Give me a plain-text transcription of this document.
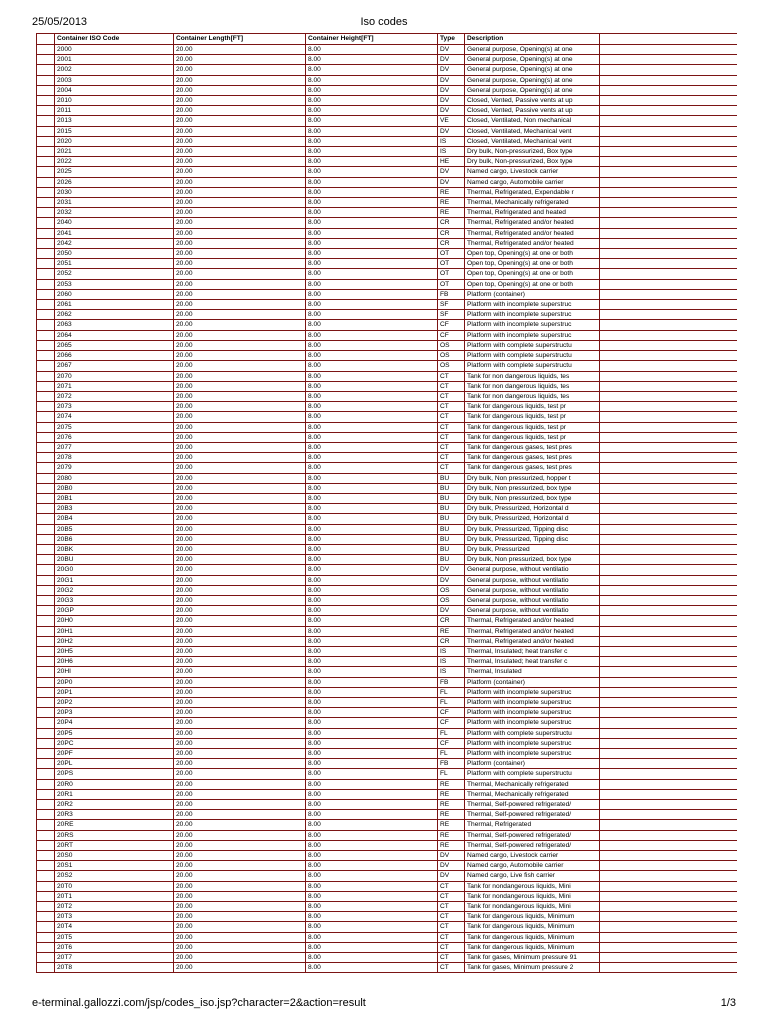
25/05/2013	Iso codes
	Container ISO Code	Container Length[FT]	Container Height[FT]	Type	Description	
	2000	20.00	8.00	DV	General purpose, Opening(s) at one	
	2001	20.00	8.00	DV	General purpose, Opening(s) at one	
	2002	20.00	8.00	DV	General purpose, Opening(s) at one	
	2003	20.00	8.00	DV	General purpose, Opening(s) at one	
	2004	20.00	8.00	DV	General purpose, Opening(s) at one	
	2010	20.00	8.00	DV	Closed, Vented, Passive vents at up	
	2011	20.00	8.00	DV	Closed, Vented, Passive vents at up	
	2013	20.00	8.00	VE	Closed, Ventilated, Non mechanical	
	2015	20.00	8.00	DV	Closed, Ventilated, Mechanical vent	
	2020	20.00	8.00	IS	Closed, Ventilated, Mechanical vent	
	2021	20.00	8.00	IS	Dry bulk, Non-pressurized, Box type	
	2022	20.00	8.00	HE	Dry bulk, Non-pressurized, Box type	
	2025	20.00	8.00	DV	Named cargo, Livestock carrier	
	2026	20.00	8.00	DV	Named cargo, Automobile carrier	
	2030	20.00	8.00	RE	Thermal, Refrigerated, Expendable r	
	2031	20.00	8.00	RE	Thermal, Mechanically refrigerated	
	2032	20.00	8.00	RE	Thermal, Refrigerated and heated	
	2040	20.00	8.00	CR	Thermal, Refrigerated and/or heated	
	2041	20.00	8.00	CR	Thermal, Refrigerated and/or heated	
	2042	20.00	8.00	CR	Thermal, Refrigerated and/or heated	
	2050	20.00	8.00	OT	Open top, Opening(s) at one or both	
	2051	20.00	8.00	OT	Open top, Opening(s) at one or both	
	2052	20.00	8.00	OT	Open top, Opening(s) at one or both	
	2053	20.00	8.00	OT	Open top, Opening(s) at one or both	
	2060	20.00	8.00	FB	Platform (container)	
	2061	20.00	8.00	SF	Platform with incomplete superstruc	
	2062	20.00	8.00	SF	Platform with incomplete superstruc	
	2063	20.00	8.00	CF	Platform with incomplete superstruc	
	2064	20.00	8.00	CF	Platform with incomplete superstruc	
	2065	20.00	8.00	OS	Platform with complete superstructu	
	2066	20.00	8.00	OS	Platform with complete superstructu	
	2067	20.00	8.00	OS	Platform with complete superstructu	
	2070	20.00	8.00	CT	Tank for non dangerous liquids, tes	
	2071	20.00	8.00	CT	Tank for non dangerous liquids, tes	
	2072	20.00	8.00	CT	Tank for non dangerous liquids, tes	
	2073	20.00	8.00	CT	Tank for dangerous liquids, test pr	
	2074	20.00	8.00	CT	Tank for dangerous liquids, test pr	
	2075	20.00	8.00	CT	Tank for dangerous liquids, test pr	
	2076	20.00	8.00	CT	Tank for dangerous liquids, test pr	
	2077	20.00	8.00	CT	Tank for dangerous gases, test pres	
	2078	20.00	8.00	CT	Tank for dangerous gases, test pres	
	2079	20.00	8.00	CT	Tank for dangerous gases, test pres	
	2080	20.00	8.00	BU	Dry bulk, Non pressurized, hopper t	
	20B0	20.00	8.00	BU	Dry bulk, Non pressurized, box type	
	20B1	20.00	8.00	BU	Dry bulk, Non pressurized, box type	
	20B3	20.00	8.00	BU	Dry bulk, Pressurized, Horizontal d	
	20B4	20.00	8.00	BU	Dry bulk, Pressurized, Horizontal d	
	20B5	20.00	8.00	BU	Dry bulk, Pressurized, Tipping disc	
	20B6	20.00	8.00	BU	Dry bulk, Pressurized, Tipping disc	
	20BK	20.00	8.00	BU	Dry bulk, Pressurized	
	20BU	20.00	8.00	BU	Dry bulk, Non pressurized, box type	
	20G0	20.00	8.00	DV	General purpose, without ventilatio	
	20G1	20.00	8.00	DV	General purpose, without ventilatio	
	20G2	20.00	8.00	OS	General purpose, without ventilatio	
	20G3	20.00	8.00	OS	General purpose, without ventilatio	
	20GP	20.00	8.00	DV	General purpose, without ventilatio	
	20H0	20.00	8.00	CR	Thermal, Refrigerated and/or heated	
	20H1	20.00	8.00	RE	Thermal, Refrigerated and/or heated	
	20H2	20.00	8.00	CR	Thermal, Refrigerated and/or heated	
	20H5	20.00	8.00	IS	Thermal, Insulated; heat transfer c	
	20H6	20.00	8.00	IS	Thermal, Insulated; heat transfer c	
	20HI	20.00	8.00	IS	Thermal, Insulated	
	20P0	20.00	8.00	FB	Platform (container)	
	20P1	20.00	8.00	FL	Platform with incomplete superstruc	
	20P2	20.00	8.00	FL	Platform with incomplete superstruc	
	20P3	20.00	8.00	CF	Platform with incomplete superstruc	
	20P4	20.00	8.00	CF	Platform with incomplete superstruc	
	20P5	20.00	8.00	FL	Platform with complete superstructu	
	20PC	20.00	8.00	CF	Platform with incomplete superstruc	
	20PF	20.00	8.00	FL	Platform with incomplete superstruc	
	20PL	20.00	8.00	FB	Platform (container)	
	20PS	20.00	8.00	FL	Platform with complete superstructu	
	20R0	20.00	8.00	RE	Thermal, Mechanically refrigerated	
	20R1	20.00	8.00	RE	Thermal, Mechanically refrigerated	
	20R2	20.00	8.00	RE	Thermal, Self-powered refrigerated/	
	20R3	20.00	8.00	RE	Thermal, Self-powered refrigerated/	
	20RE	20.00	8.00	RE	Thermal, Refrigerated	
	20RS	20.00	8.00	RE	Thermal, Self-powered refrigerated/	
	20RT	20.00	8.00	RE	Thermal, Self-powered refrigerated/	
	20S0	20.00	8.00	DV	Named cargo, Livestock carrier	
	20S1	20.00	8.00	DV	Named cargo, Automobile carrier	
	20S2	20.00	8.00	DV	Named cargo, Live fish carrier	
	20T0	20.00	8.00	CT	Tank for nondangerous liquids, Mini	
	20T1	20.00	8.00	CT	Tank for nondangerous liquids, Mini	
	20T2	20.00	8.00	CT	Tank for nondangerous liquids, Mini	
	20T3	20.00	8.00	CT	Tank for dangerous liquids, Minimum	
	20T4	20.00	8.00	CT	Tank for dangerous liquids, Minimum	
	20T5	20.00	8.00	CT	Tank for dangerous liquids, Minimum	
	20T6	20.00	8.00	CT	Tank for dangerous liquids, Minimum	
	20T7	20.00	8.00	CT	Tank for gases, Minimum pressure 91	
	20T8	20.00	8.00	CT	Tank for gases, Minimum pressure 2	
e-terminal.gallozzi.com/jsp/codes_iso.jsp?character=2&action=result	1/3
